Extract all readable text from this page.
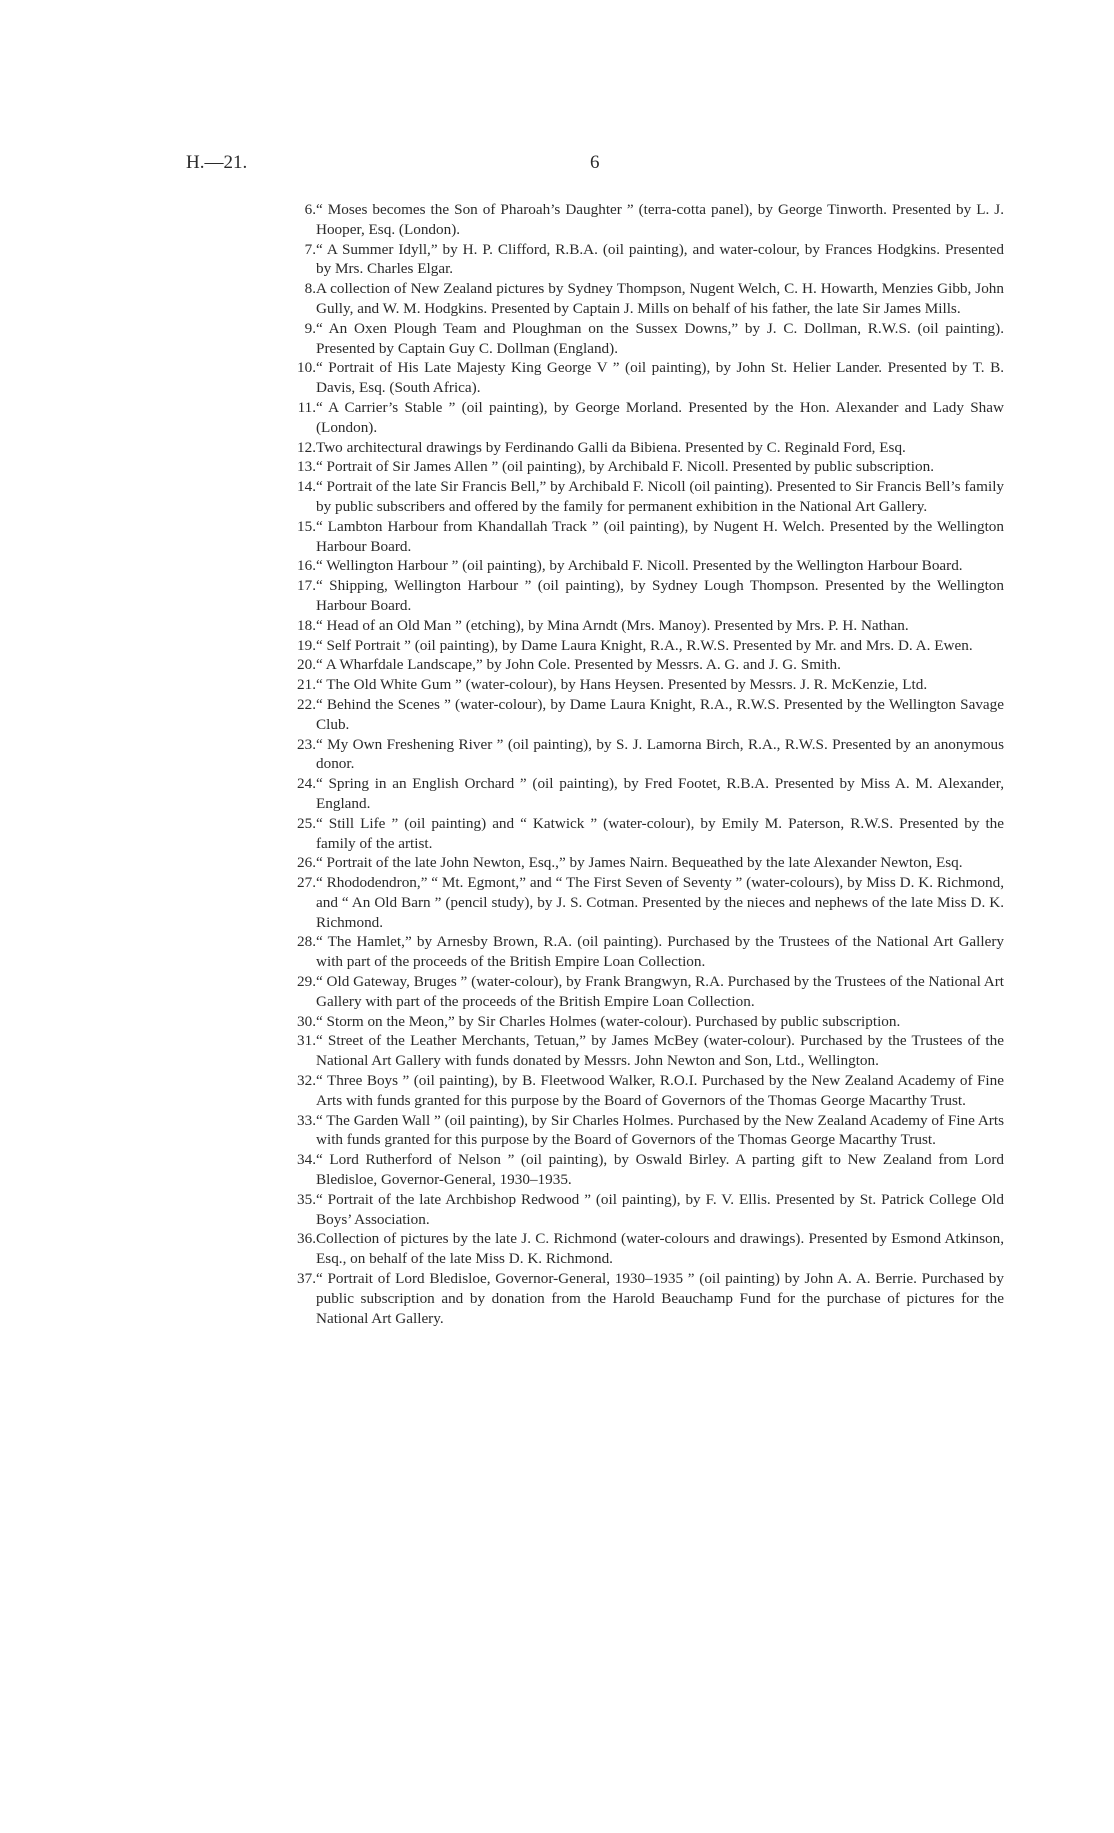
H.—21.	6
6.“ Moses becomes the Son of Pharoah’s Daughter ” (terra-cotta panel), by George Tinworth. Presented by L. J. Hooper, Esq. (London).
7.“ A Summer Idyll,” by H. P. Clifford, R.B.A. (oil painting), and water-colour, by Frances Hodgkins. Presented by Mrs. Charles Elgar.
8.A collection of New Zealand pictures by Sydney Thompson, Nugent Welch, C. H. Howarth, Menzies Gibb, John Gully, and W. M. Hodgkins. Presented by Captain J. Mills on behalf of his father, the late Sir James Mills.
9.“ An Oxen Plough Team and Ploughman on the Sussex Downs,” by J. C. Dollman, R.W.S. (oil painting). Presented by Captain Guy C. Dollman (England).
10.“ Portrait of His Late Majesty King George V ” (oil painting), by John St. Helier Lander. Presented by T. B. Davis, Esq. (South Africa).
11.“ A Carrier’s Stable ” (oil painting), by George Morland. Presented by the Hon. Alexander and Lady Shaw (London).
12.Two architectural drawings by Ferdinando Galli da Bibiena. Presented by C. Reginald Ford, Esq.
13.“ Portrait of Sir James Allen ” (oil painting), by Archibald F. Nicoll. Presented by public subscription.
14.“ Portrait of the late Sir Francis Bell,” by Archibald F. Nicoll (oil painting). Presented to Sir Francis Bell’s family by public subscribers and offered by the family for permanent exhibition in the National Art Gallery.
15.“ Lambton Harbour from Khandallah Track ” (oil painting), by Nugent H. Welch. Presented by the Wellington Harbour Board.
16.“ Wellington Harbour ” (oil painting), by Archibald F. Nicoll. Presented by the Wellington Harbour Board.
17.“ Shipping, Wellington Harbour ” (oil painting), by Sydney Lough Thompson. Presented by the Wellington Harbour Board.
18.“ Head of an Old Man ” (etching), by Mina Arndt (Mrs. Manoy). Presented by Mrs. P. H. Nathan.
19.“ Self Portrait ” (oil painting), by Dame Laura Knight, R.A., R.W.S. Presented by Mr. and Mrs. D. A. Ewen.
20.“ A Wharfdale Landscape,” by John Cole. Presented by Messrs. A. G. and J. G. Smith.
21.“ The Old White Gum ” (water-colour), by Hans Heysen. Presented by Messrs. J. R. McKenzie, Ltd.
22.“ Behind the Scenes ” (water-colour), by Dame Laura Knight, R.A., R.W.S. Presented by the Wellington Savage Club.
23.“ My Own Freshening River ” (oil painting), by S. J. Lamorna Birch, R.A., R.W.S. Presented by an anonymous donor.
24.“ Spring in an English Orchard ” (oil painting), by Fred Footet, R.B.A. Presented by Miss A. M. Alexander, England.
25.“ Still Life ” (oil painting) and “ Katwick ” (water-colour), by Emily M. Paterson, R.W.S. Presented by the family of the artist.
26.“ Portrait of the late John Newton, Esq.,” by James Nairn. Bequeathed by the late Alexander Newton, Esq.
27.“ Rhododendron,” “ Mt. Egmont,” and “ The First Seven of Seventy ” (water-colours), by Miss D. K. Richmond, and “ An Old Barn ” (pencil study), by J. S. Cotman. Presented by the nieces and nephews of the late Miss D. K. Richmond.
28.“ The Hamlet,” by Arnesby Brown, R.A. (oil painting). Purchased by the Trustees of the National Art Gallery with part of the proceeds of the British Empire Loan Collection.
29.“ Old Gateway, Bruges ” (water-colour), by Frank Brangwyn, R.A. Purchased by the Trustees of the National Art Gallery with part of the proceeds of the British Empire Loan Collection.
30.“ Storm on the Meon,” by Sir Charles Holmes (water-colour). Purchased by public subscription.
31.“ Street of the Leather Merchants, Tetuan,” by James McBey (water-colour). Purchased by the Trustees of the National Art Gallery with funds donated by Messrs. John Newton and Son, Ltd., Wellington.
32.“ Three Boys ” (oil painting), by B. Fleetwood Walker, R.O.I. Purchased by the New Zealand Academy of Fine Arts with funds granted for this purpose by the Board of Governors of the Thomas George Macarthy Trust.
33.“ The Garden Wall ” (oil painting), by Sir Charles Holmes. Purchased by the New Zealand Academy of Fine Arts with funds granted for this purpose by the Board of Governors of the Thomas George Macarthy Trust.
34.“ Lord Rutherford of Nelson ” (oil painting), by Oswald Birley. A parting gift to New Zealand from Lord Bledisloe, Governor-General, 1930–1935.
35.“ Portrait of the late Archbishop Redwood ” (oil painting), by F. V. Ellis. Presented by St. Patrick College Old Boys’ Association.
36.Collection of pictures by the late J. C. Richmond (water-colours and drawings). Presented by Esmond Atkinson, Esq., on behalf of the late Miss D. K. Richmond.
37.“ Portrait of Lord Bledisloe, Governor-General, 1930–1935 ” (oil painting) by John A. A. Berrie. Purchased by public subscription and by donation from the Harold Beauchamp Fund for the purchase of pictures for the National Art Gallery.
